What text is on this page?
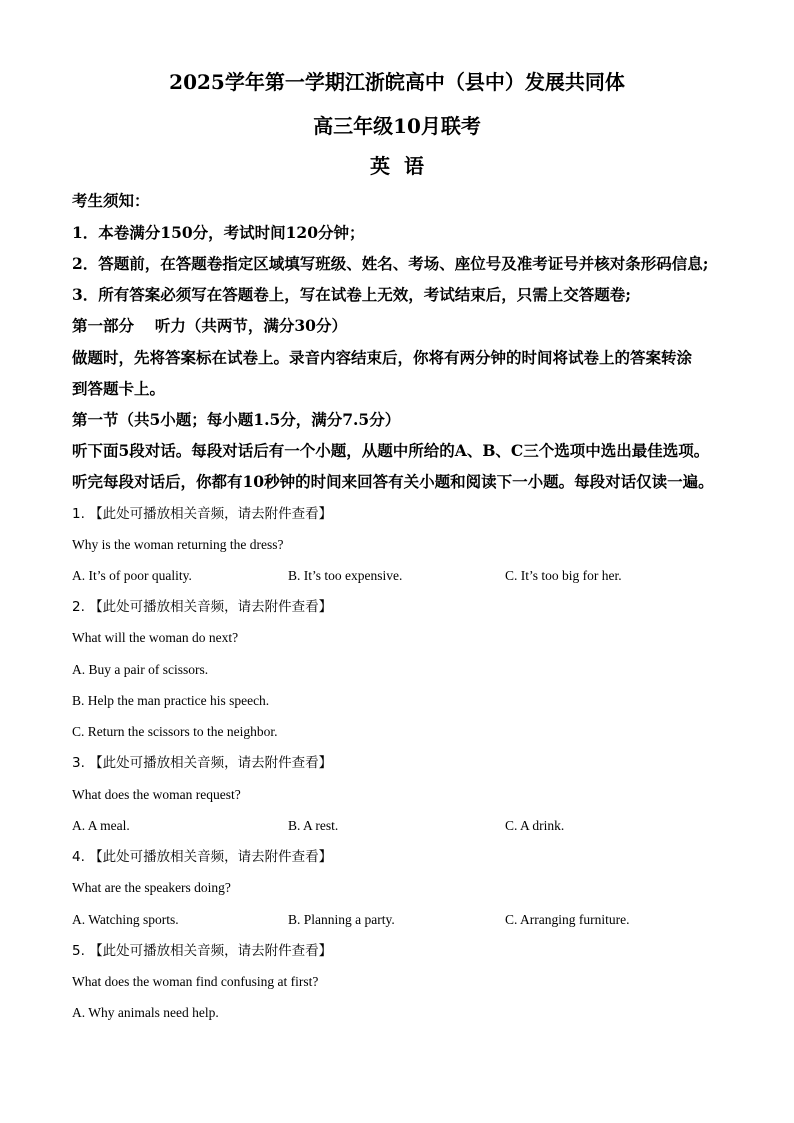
2025学年第一学期江浙皖高中（县中）发展共同体
高三年级10月联考
英语
考生须知：
1．本卷满分150分，考试时间120分钟；
2．答题前，在答题卷指定区域填写班级、姓名、考场、座位号及准考证号并核对条形码信息;
3．所有答案必须写在答题卷上，写在试卷上无效，考试结束后，只需上交答题卷;
第一部分　 听力（共两节，满分30分）
做题时，先将答案标在试卷上。录音内容结束后，你将有两分钟的时间将试卷上的答案转涂
到答题卡上。
第一节（共5小题；每小题1.5分，满分7.5分）
听下面5段对话。每段对话后有一个小题，从题中所给的A、B、C三个选项中选出最佳选项。
听完每段对话后，你都有10秒钟的时间来回答有关小题和阅读下一小题。每段对话仅读一遍。
1. 【此处可播放相关音频，请去附件查看】
Why is the woman returning the dress?
A. It’s of poor quality.	B. It’s too expensive.	C. It’s too big for her.
2. 【此处可播放相关音频，请去附件查看】
What will the woman do next?
A. Buy a pair of scissors.
B. Help the man practice his speech.
C. Return the scissors to the neighbor.
3. 【此处可播放相关音频，请去附件查看】
What does the woman request?
A. A meal.	B. A rest.	C. A drink.
4. 【此处可播放相关音频，请去附件查看】
What are the speakers doing?
A. Watching sports.	B. Planning a party.	C. Arranging furniture.
5. 【此处可播放相关音频，请去附件查看】
What does the woman find confusing at first?
A. Why animals need help.
